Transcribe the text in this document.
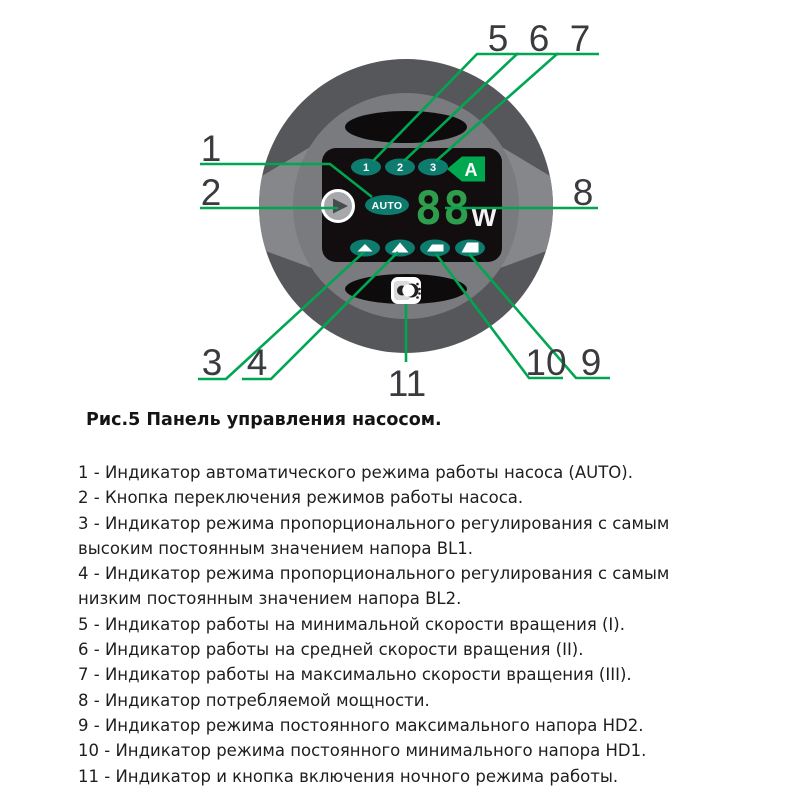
1	2 3 A
AUTO 88 W
5 6 7
1
2	8
3 4
11
10 9

Рис.5 Панель управления насосом.

1 - Индикатор автоматического режима работы насоса (AUTO).
2 - Кнопка переключения режимов работы насоса.
3 - Индикатор режима пропорционального регулирования с самым высоким постоянным значением напора BL1.
4 - Индикатор режима пропорционального регулирования с самым низким постоянным значением напора BL2.
5 - Индикатор работы на минимальной скорости вращения (I).
6 - Индикатор работы на средней скорости вращения (II).
7 - Индикатор работы на максимально скорости вращения (III).
8 - Индикатор потребляемой мощности.
9 - Индикатор режима постоянного максимального напора HD2.
10 - Индикатор режима постоянного минимального напора HD1.
11 - Индикатор и кнопка включения ночного режима работы.
